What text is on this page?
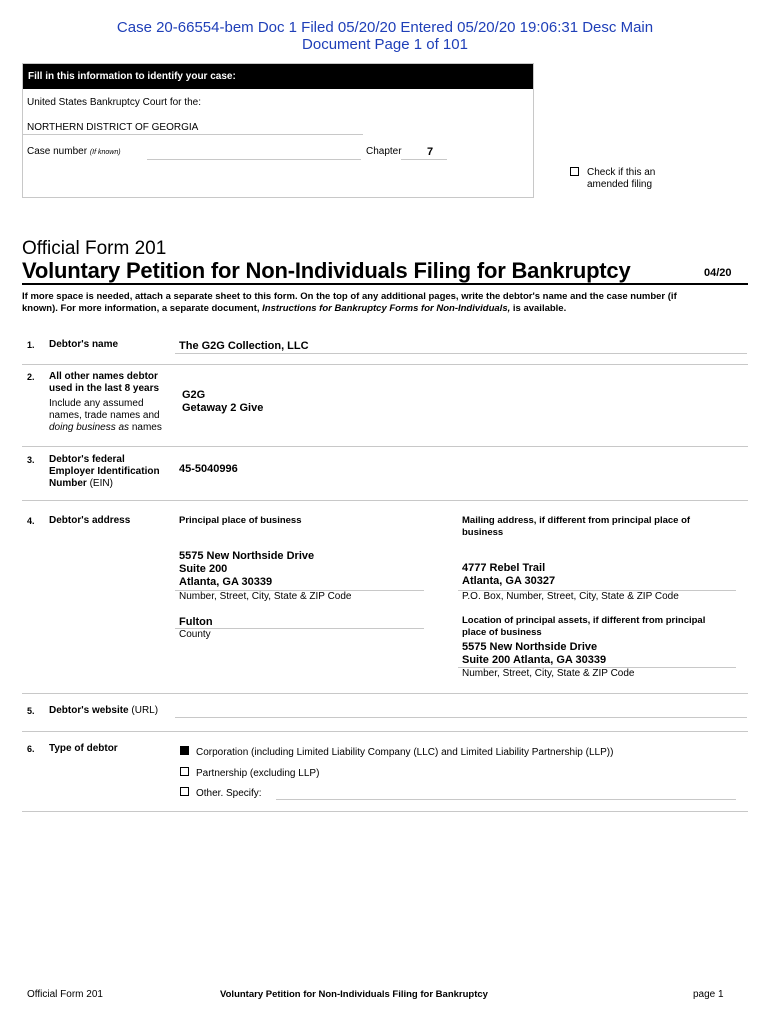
Case 20-66554-bem Doc 1 Filed 05/20/20 Entered 05/20/20 19:06:31 Desc Main
Document Page 1 of 101
Fill in this information to identify your case:
United States Bankruptcy Court for the:
NORTHERN DISTRICT OF GEORGIA
Case number (If known)	Chapter 7
Check if this an
amended filing
Official Form 201
Voluntary Petition for Non-Individuals Filing for Bankruptcy	04/20
If more space is needed, attach a separate sheet to this form. On the top of any additional pages, write the debtor's name and the case number (if
known). For more information, a separate document, Instructions for Bankruptcy Forms for Non-Individuals, is available.
1. Debtor's name	The G2G Collection, LLC
2. All other names debtor
used in the last 8 years
Include any assumed
names, trade names and
doing business as names
G2G
Getaway 2 Give
3. Debtor's federal
Employer Identification
Number (EIN)
45-5040996
4. Debtor's address	Principal place of business
5575 New Northside Drive
Suite 200
Atlanta, GA 30339
Number, Street, City, State & ZIP Code
Fulton
County
Mailing address, if different from principal place of
business
4777 Rebel Trail
Atlanta, GA 30327
P.O. Box, Number, Street, City, State & ZIP Code
Location of principal assets, if different from principal
place of business
5575 New Northside Drive
Suite 200 Atlanta, GA 30339
Number, Street, City, State & ZIP Code
5. Debtor's website (URL)
6. Type of debtor	Corporation (including Limited Liability Company (LLC) and Limited Liability Partnership (LLP))
Partnership (excluding LLP)
Other. Specify:
Official Form 201	Voluntary Petition for Non-Individuals Filing for Bankruptcy	page 1
